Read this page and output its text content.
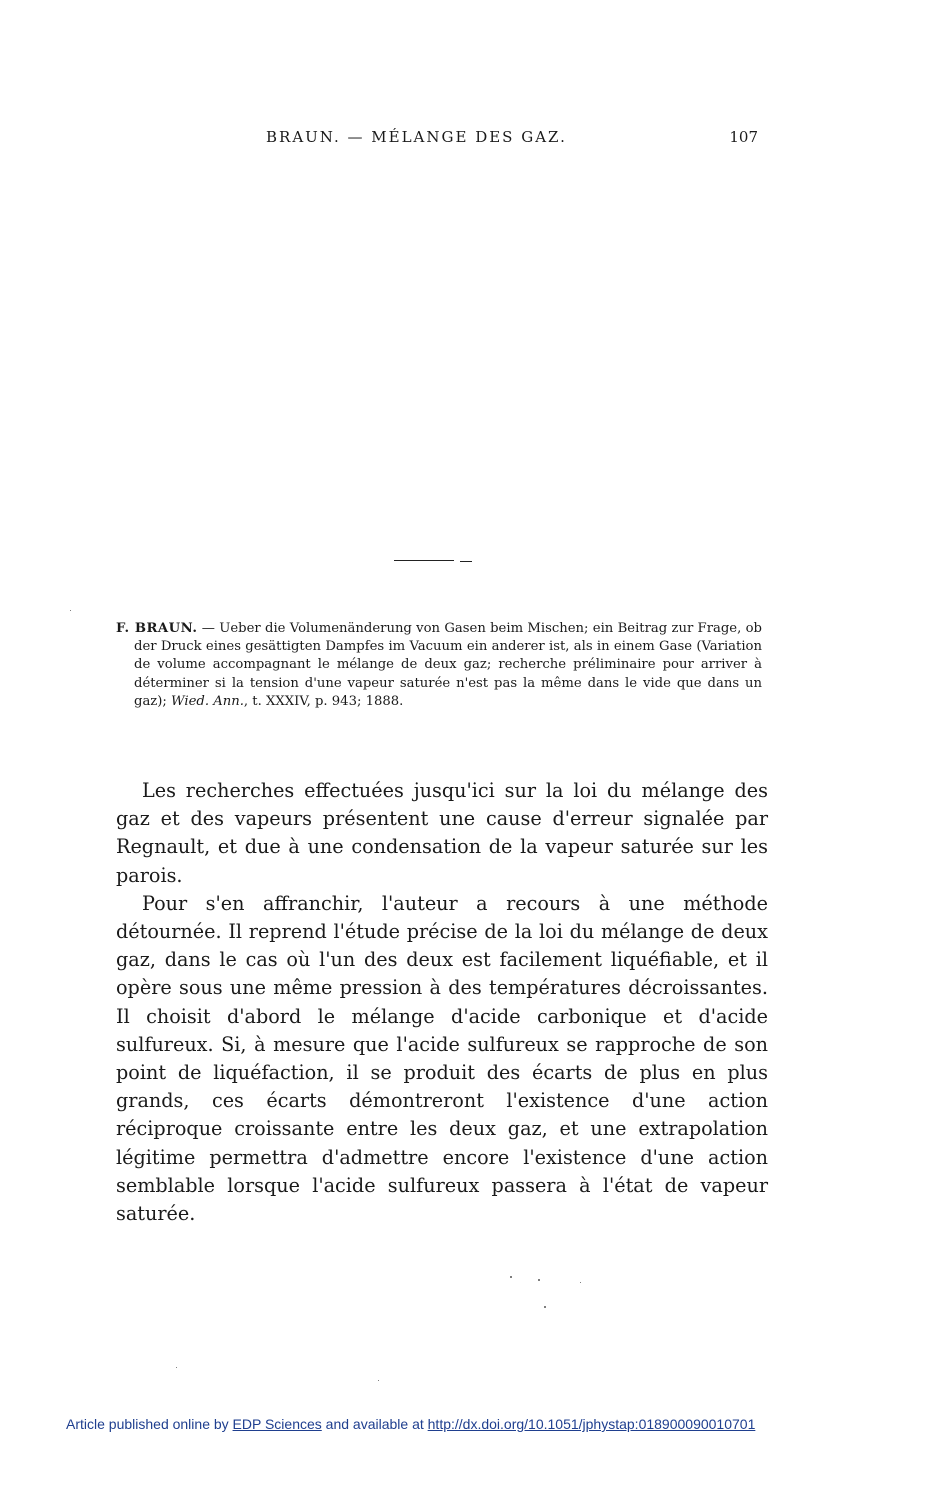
BRAUN. — MÉLANGE DES GAZ.	107

F. BRAUN. — Ueber die Volumenänderung von Gasen beim Mischen; ein Beitrag zur Frage, ob der Druck eines gesättigten Dampfes im Vacuum ein anderer ist, als in einem Gase (Variation de volume accompagnant le mélange de deux gaz; recherche préliminaire pour arriver à déterminer si la tension d'une vapeur saturée n'est pas la même dans le vide que dans un gaz); Wied. Ann., t. XXXIV, p. 943; 1888.

Les recherches effectuées jusqu'ici sur la loi du mélange des gaz et des vapeurs présentent une cause d'erreur signalée par Regnault, et due à une condensation de la vapeur saturée sur les parois.

Pour s'en affranchir, l'auteur a recours à une méthode détournée. Il reprend l'étude précise de la loi du mélange de deux gaz, dans le cas où l'un des deux est facilement liquéfiable, et il opère sous une même pression à des températures décroissantes. Il choisit d'abord le mélange d'acide carbonique et d'acide sulfureux. Si, à mesure que l'acide sulfureux se rapproche de son point de liquéfaction, il se produit des écarts de plus en plus grands, ces écarts démontreront l'existence d'une action réciproque croissante entre les deux gaz, et une extrapolation légitime permettra d'admettre encore l'existence d'une action semblable lorsque l'acide sulfureux passera à l'état de vapeur saturée.

Article published online by EDP Sciences and available at http://dx.doi.org/10.1051/jphystap:018900090010701
